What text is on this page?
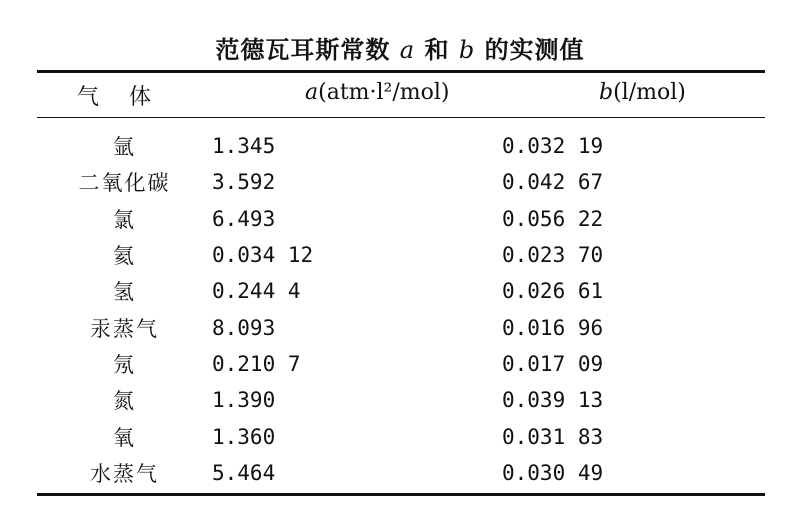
范德瓦耳斯常数 a 和 b 的实测值
气体	a(atm·l²/mol)	b(l/mol)
氩	1.345	0.032 19
二氧化碳	3.592	0.042 67
氯	6.493	0.056 22
氦	0.034 12	0.023 70
氢	0.244 4	0.026 61
汞蒸气	8.093	0.016 96
氖	0.210 7	0.017 09
氮	1.390	0.039 13
氧	1.360	0.031 83
水蒸气	5.464	0.030 49
